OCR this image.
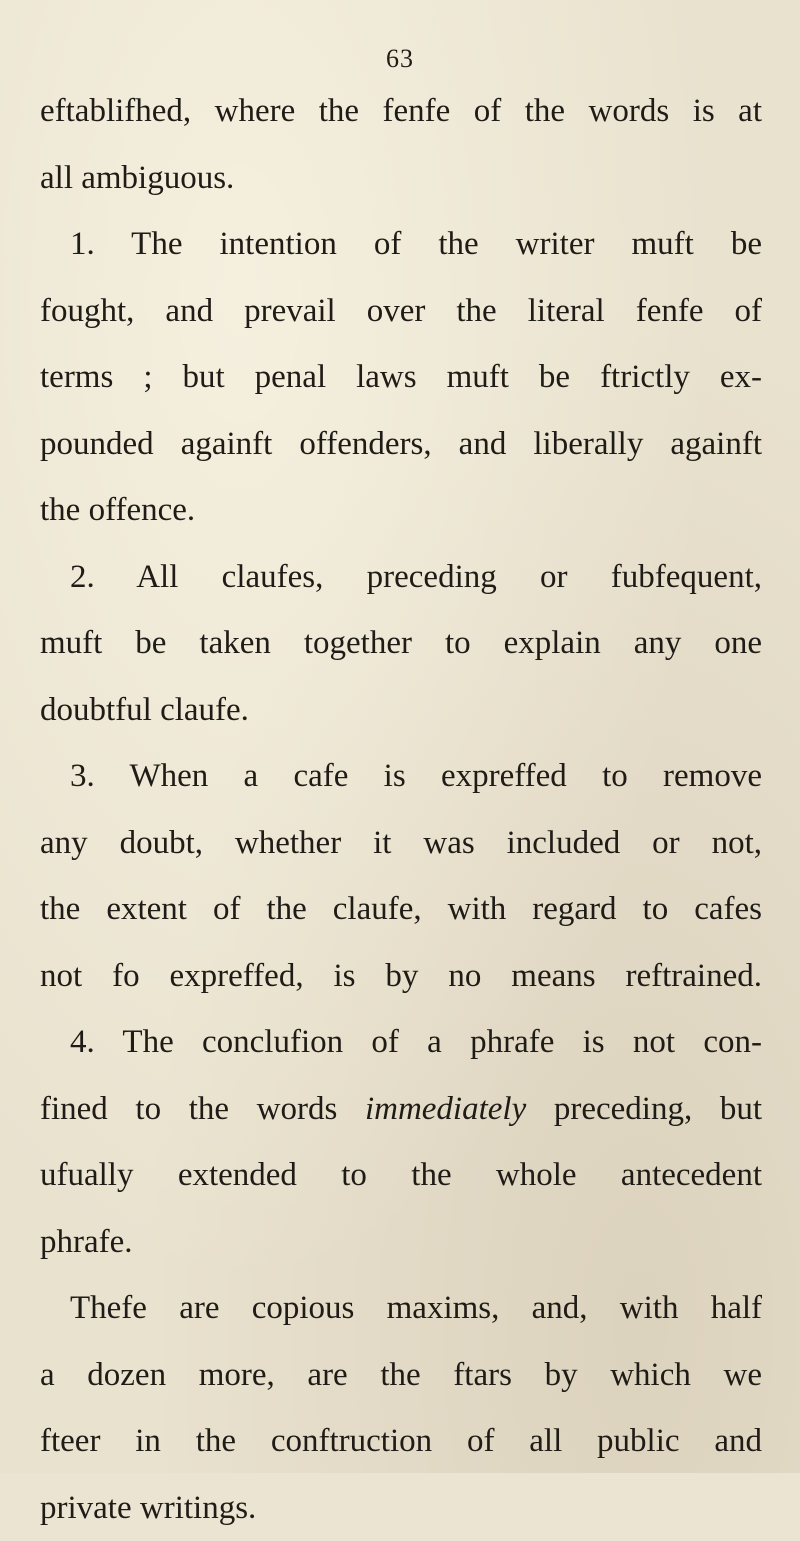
63
eftablifhed, where the fenfe of the words is at
all ambiguous.
1. The intention of the writer muft be
fought, and prevail over the literal fenfe of
terms ; but penal laws muft be ftrictly ex-
pounded againft offenders, and liberally againft
the offence.
2. All claufes, preceding or fubfequent,
muft be taken together to explain any one
doubtful claufe.
3. When a cafe is expreffed to remove
any doubt, whether it was included or not,
the extent of the claufe, with regard to cafes
not fo expreffed, is by no means reftrained.
4. The conclufion of a phrafe is not con-
fined to the words immediately preceding, but
ufually extended to the whole antecedent
phrafe.
Thefe are copious maxims, and, with half
a dozen more, are the ftars by which we
fteer in the conftruction of all public and
private writings.
